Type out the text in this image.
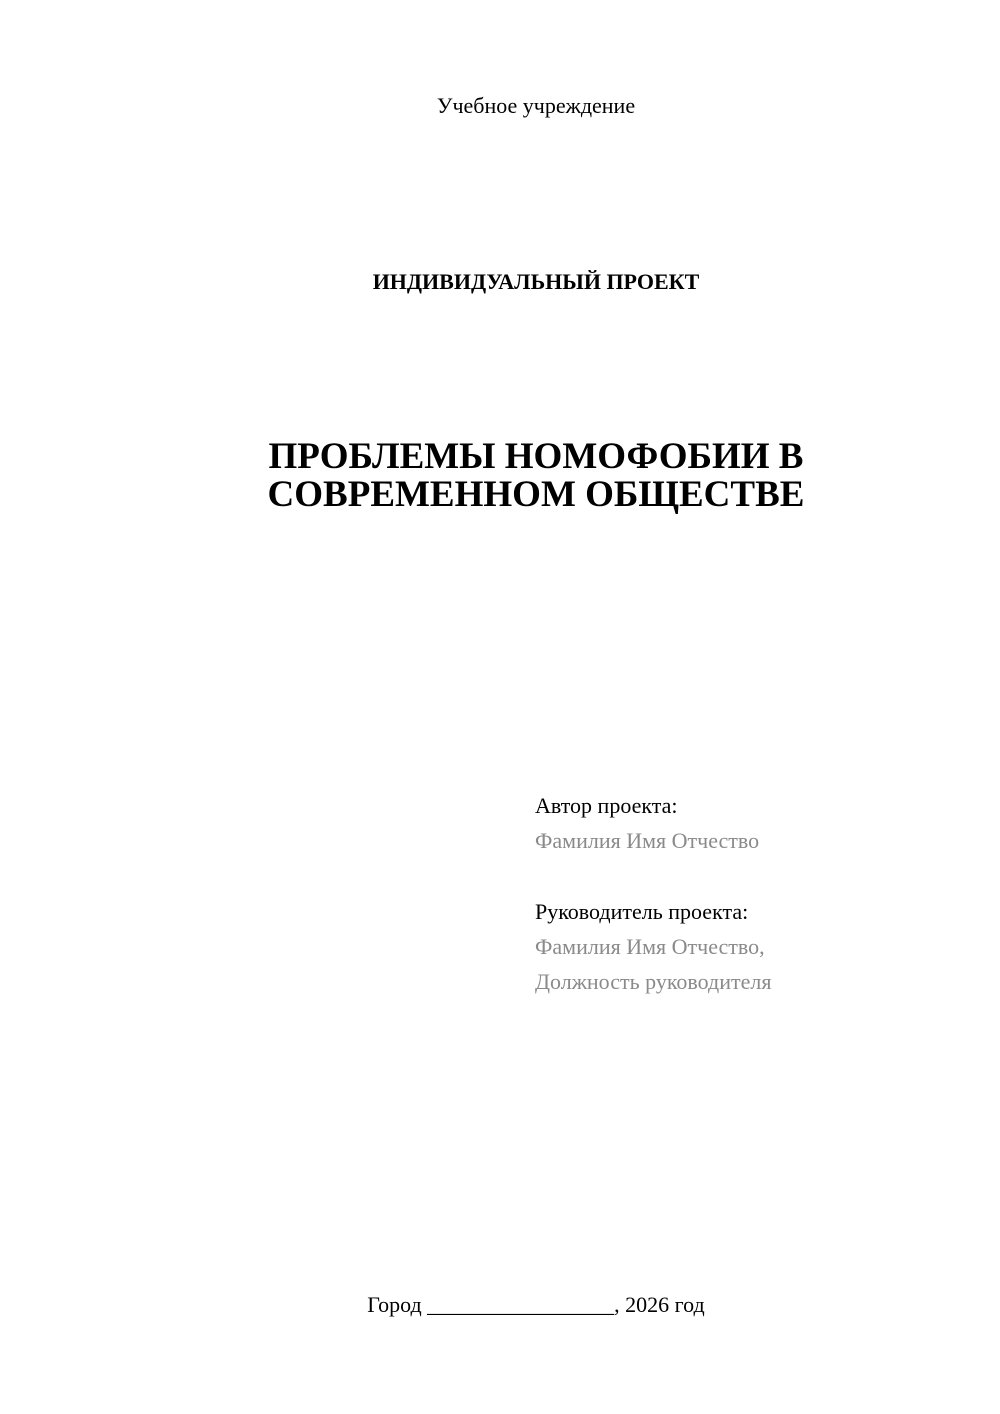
Учебное учреждение
ИНДИВИДУАЛЬНЫЙ ПРОЕКТ
ПРОБЛЕМЫ НОМОФОБИИ В
СОВРЕМЕННОМ ОБЩЕСТВЕ
Автор проекта:
Фамилия Имя Отчество
Руководитель проекта:
Фамилия Имя Отчество,
Должность руководителя
Город _________________, 2026 год
